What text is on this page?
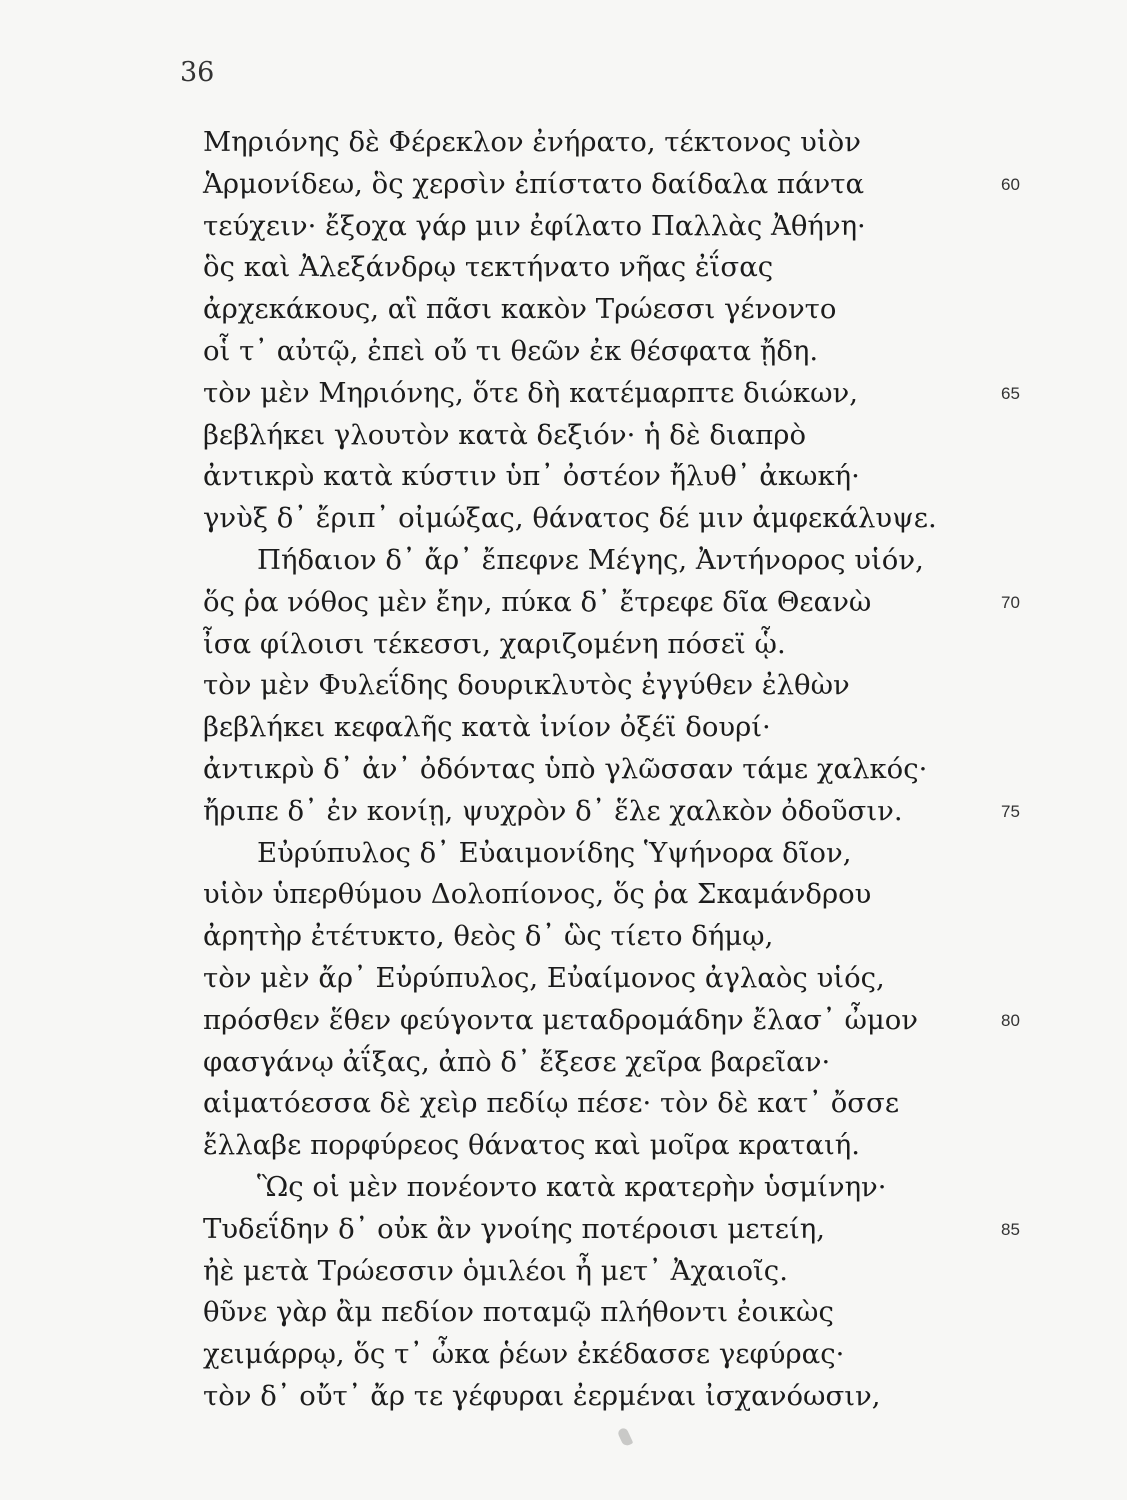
36
Μηριόνης δὲ Φέρεκλον ἐνήρατο, τέκτονος υἱὸν
Ἁρμονίδεω, ὃς χερσὶν ἐπίστατο δαίδαλα πάντα	60
τεύχειν· ἔξοχα γάρ μιν ἐφίλατο Παλλὰς Ἀθήνη·
ὃς καὶ Ἀλεξάνδρῳ τεκτήνατο νῆας ἐΐσας
ἀρχεκάκους, αἳ πᾶσι κακὸν Τρώεσσι γένοντο
οἷ τ᾽ αὐτῷ, ἐπεὶ οὔ τι θεῶν ἐκ θέσφατα ᾔδη.
τὸν μὲν Μηριόνης, ὅτε δὴ κατέμαρπτε διώκων,	65
βεβλήκει γλουτὸν κατὰ δεξιόν· ἡ δὲ διαπρὸ
ἀντικρὺ κατὰ κύστιν ὑπ᾽ ὀστέον ἤλυθ᾽ ἀκωκή·
γνὺξ δ᾽ ἔριπ᾽ οἰμώξας, θάνατος δέ μιν ἀμφεκάλυψε.
Πήδαιον δ᾽ ἄρ᾽ ἔπεφνε Μέγης, Ἀντήνορος υἱόν,
ὅς ῥα νόθος μὲν ἔην, πύκα δ᾽ ἔτρεφε δῖα Θεανὼ	70
ἶσα φίλοισι τέκεσσι, χαριζομένη πόσεϊ ᾧ.
τὸν μὲν Φυλεΐδης δουρικλυτὸς ἐγγύθεν ἐλθὼν
βεβλήκει κεφαλῆς κατὰ ἰνίον ὀξέϊ δουρί·
ἀντικρὺ δ᾽ ἀν᾽ ὀδόντας ὑπὸ γλῶσσαν τάμε χαλκός·
ἤριπε δ᾽ ἐν κονίῃ, ψυχρὸν δ᾽ ἕλε χαλκὸν ὀδοῦσιν.	75
Εὐρύπυλος δ᾽ Εὐαιμονίδης Ὑψήνορα δῖον,
υἱὸν ὑπερθύμου Δολοπίονος, ὅς ῥα Σκαμάνδρου
ἀρητὴρ ἐτέτυκτο, θεὸς δ᾽ ὣς τίετο δήμῳ,
τὸν μὲν ἄρ᾽ Εὐρύπυλος, Εὐαίμονος ἀγλαὸς υἱός,
πρόσθεν ἕθεν φεύγοντα μεταδρομάδην ἔλασ᾽ ὦμον	80
φασγάνῳ ἀΐξας, ἀπὸ δ᾽ ἔξεσε χεῖρα βαρεῖαν·
αἱματόεσσα δὲ χεὶρ πεδίῳ πέσε· τὸν δὲ κατ᾽ ὄσσε
ἔλλαβε πορφύρεος θάνατος καὶ μοῖρα κραταιή.
Ὣς οἱ μὲν πονέοντο κατὰ κρατερὴν ὑσμίνην·
Τυδεΐδην δ᾽ οὐκ ἂν γνοίης ποτέροισι μετείη,	85
ἠὲ μετὰ Τρώεσσιν ὁμιλέοι ἦ μετ᾽ Ἀχαιοῖς.
θῦνε γὰρ ἂμ πεδίον ποταμῷ πλήθοντι ἐοικὼς
χειμάρρῳ, ὅς τ᾽ ὦκα ῥέων ἐκέδασσε γεφύρας·
τὸν δ᾽ οὔτ᾽ ἄρ τε γέφυραι ἐερμέναι ἰσχανόωσιν,
